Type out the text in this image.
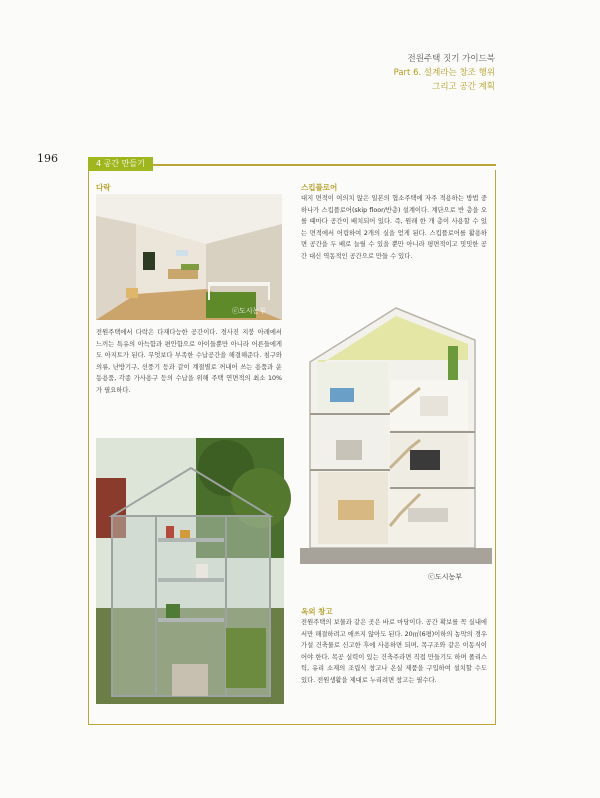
전원주택 짓기 가이드북
Part 6. 설계라는 창조 행위
그리고 공간 계획
196	4 공간 만들기
다락
ⓒ도시농부
전원주택에서 다락은 다재다능한 공간이다. 경사진 지붕 아래에서 느끼는 특유의 아늑함과 편안함으로 아이들뿐만 아니라 어른들에게도 아지트가 된다. 무엇보다 부족한 수납공간을 해결해준다. 침구와 의류, 난방기구, 선풍기 등과 같이 계절별로 꺼내어 쓰는 용품과 운동용품, 각종 가사용구 등의 수납을 위해 주택 연면적의 최소 10%가 필요하다.
스킵플로어
대지 면적이 여의치 않은 일본의 협소주택에 자주 적용하는 방법 중 하나가 스킵플로어(skip floor/반층) 설계이다. 계단으로 반 층을 오를 때마다 공간이 배치되어 있다. 즉, 원래 한 개 층이 사용할 수 있는 면적에서 어림하여 2개의 실을 얻게 된다. 스킵플로어를 활용하면 공간을 두 배로 늘릴 수 있을 뿐만 아니라 평면적이고 밋밋한 공간 대신 역동적인 공간으로 만들 수 있다.
ⓒ도시농부
옥외 창고
전원주택의 보물과 같은 곳은 바로 마당이다. 공간 확보를 꼭 실내에서만 해결하려고 애쓰지 않아도 된다. 20㎡(6평)이하의 농막의 경우 가설 건축물로 신고한 후에 사용하면 되며, 목구조와 같은 이동식이어야 한다. 목공 실력이 있는 건축주라면 직접 만들기도 하며 폴리스틱, 유리 소재의 조립식 창고나 온실 제품을 구입하여 설치할 수도 있다. 전원생활을 제대로 누리려면 창고는 필수다.
